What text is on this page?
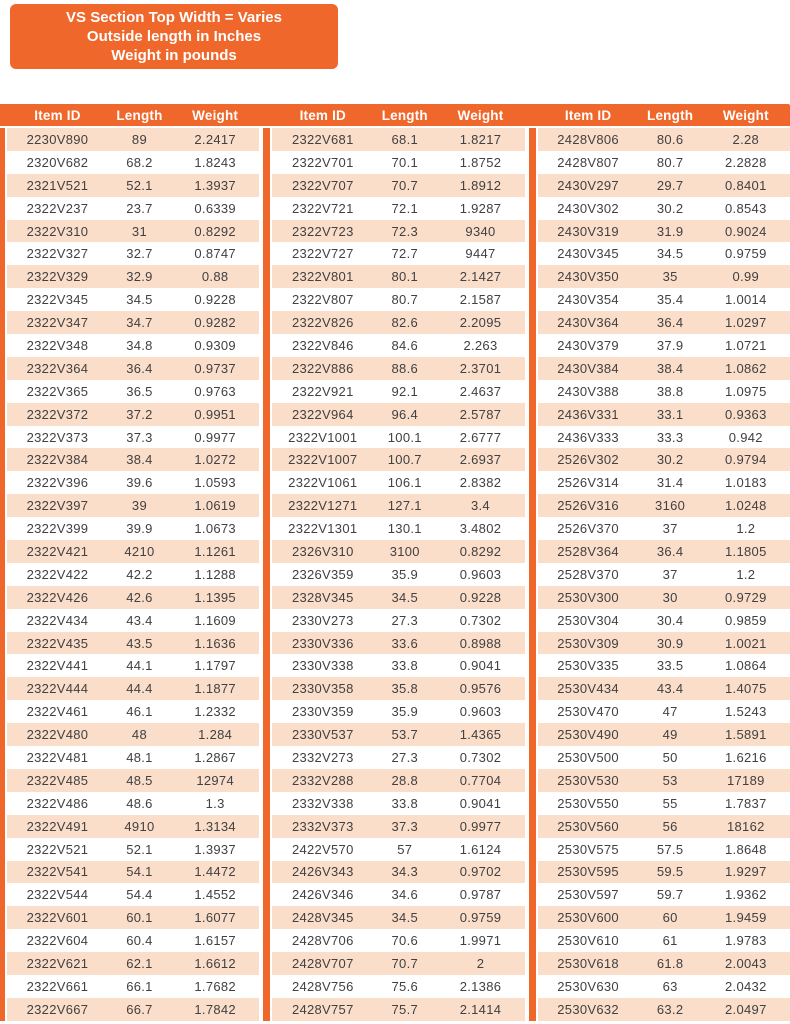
VS Section Top Width = Varies
Outside length in Inches
Weight in pounds
Item ID	Length	Weight	Item ID	Length	Weight	Item ID	Length	Weight
2230V890	89	2.2417
2320V682	68.2	1.8243
2321V521	52.1	1.3937
2322V237	23.7	0.6339
2322V310	31	0.8292
2322V327	32.7	0.8747
2322V329	32.9	0.88
2322V345	34.5	0.9228
2322V347	34.7	0.9282
2322V348	34.8	0.9309
2322V364	36.4	0.9737
2322V365	36.5	0.9763
2322V372	37.2	0.9951
2322V373	37.3	0.9977
2322V384	38.4	1.0272
2322V396	39.6	1.0593
2322V397	39	1.0619
2322V399	39.9	1.0673
2322V421	4210	1.1261
2322V422	42.2	1.1288
2322V426	42.6	1.1395
2322V434	43.4	1.1609
2322V435	43.5	1.1636
2322V441	44.1	1.1797
2322V444	44.4	1.1877
2322V461	46.1	1.2332
2322V480	48	1.284
2322V481	48.1	1.2867
2322V485	48.5	12974
2322V486	48.6	1.3
2322V491	4910	1.3134
2322V521	52.1	1.3937
2322V541	54.1	1.4472
2322V544	54.4	1.4552
2322V601	60.1	1.6077
2322V604	60.4	1.6157
2322V621	62.1	1.6612
2322V661	66.1	1.7682
2322V667	66.7	1.7842
2322V681	68.1	1.8217
2322V701	70.1	1.8752
2322V707	70.7	1.8912
2322V721	72.1	1.9287
2322V723	72.3	9340
2322V727	72.7	9447
2322V801	80.1	2.1427
2322V807	80.7	2.1587
2322V826	82.6	2.2095
2322V846	84.6	2.263
2322V886	88.6	2.3701
2322V921	92.1	2.4637
2322V964	96.4	2.5787
2322V1001	100.1	2.6777
2322V1007	100.7	2.6937
2322V1061	106.1	2.8382
2322V1271	127.1	3.4
2322V1301	130.1	3.4802
2326V310	3100	0.8292
2326V359	35.9	0.9603
2328V345	34.5	0.9228
2330V273	27.3	0.7302
2330V336	33.6	0.8988
2330V338	33.8	0.9041
2330V358	35.8	0.9576
2330V359	35.9	0.9603
2330V537	53.7	1.4365
2332V273	27.3	0.7302
2332V288	28.8	0.7704
2332V338	33.8	0.9041
2332V373	37.3	0.9977
2422V570	57	1.6124
2426V343	34.3	0.9702
2426V346	34.6	0.9787
2428V345	34.5	0.9759
2428V706	70.6	1.9971
2428V707	70.7	2
2428V756	75.6	2.1386
2428V757	75.7	2.1414
2428V806	80.6	2.28
2428V807	80.7	2.2828
2430V297	29.7	0.8401
2430V302	30.2	0.8543
2430V319	31.9	0.9024
2430V345	34.5	0.9759
2430V350	35	0.99
2430V354	35.4	1.0014
2430V364	36.4	1.0297
2430V379	37.9	1.0721
2430V384	38.4	1.0862
2430V388	38.8	1.0975
2436V331	33.1	0.9363
2436V333	33.3	0.942
2526V302	30.2	0.9794
2526V314	31.4	1.0183
2526V316	3160	1.0248
2526V370	37	1.2
2528V364	36.4	1.1805
2528V370	37	1.2
2530V300	30	0.9729
2530V304	30.4	0.9859
2530V309	30.9	1.0021
2530V335	33.5	1.0864
2530V434	43.4	1.4075
2530V470	47	1.5243
2530V490	49	1.5891
2530V500	50	1.6216
2530V530	53	17189
2530V550	55	1.7837
2530V560	56	18162
2530V575	57.5	1.8648
2530V595	59.5	1.9297
2530V597	59.7	1.9362
2530V600	60	1.9459
2530V610	61	1.9783
2530V618	61.8	2.0043
2530V630	63	2.0432
2530V632	63.2	2.0497
